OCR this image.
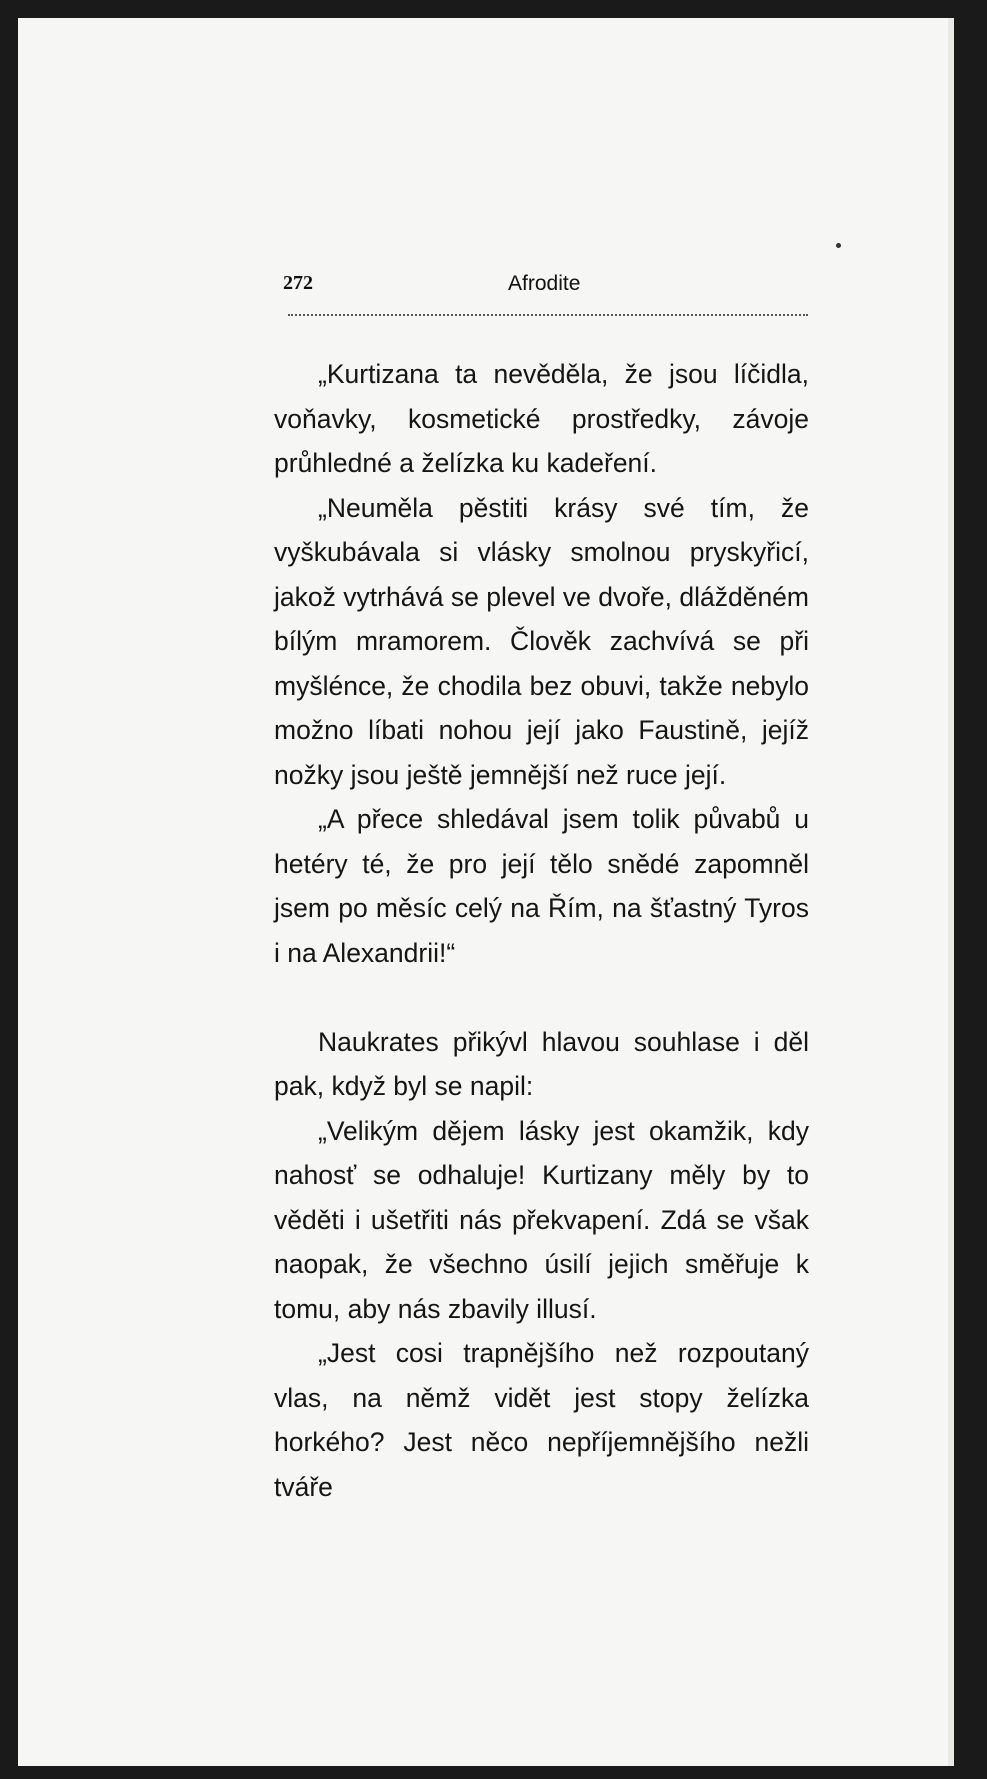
272	Afrodite

„Kurtizana ta nevěděla, že jsou líčidla, voňavky, kosmetické prostředky, závoje průhledné a želízka ku kadeření.

„Neuměla pěstiti krásy své tím, že vyškubávala si vlásky smolnou pryskyřicí, jakož vytrhává se plevel ve dvoře, dlážděném bílým mramorem. Člověk zachvívá se při myšlénce, že chodila bez obuvi, takže nebylo možno líbati nohou její jako Faustině, jejíž nožky jsou ještě jemnější než ruce její.

„A přece shledával jsem tolik půvabů u hetéry té, že pro její tělo snědé zapomněl jsem po měsíc celý na Řím, na šťastný Tyros i na Alexandrii!“

Naukrates přikývl hlavou souhlase i děl pak, když byl se napil:

„Velikým dějem lásky jest okamžik, kdy nahosť se odhaluje! Kurtizany měly by to věděti i ušetřiti nás překvapení. Zdá se však naopak, že všechno úsilí jejich směřuje k tomu, aby nás zbavily illusí.

„Jest cosi trapnějšího než rozpoutaný vlas, na němž vidět jest stopy želízka horkého? Jest něco nepříjemnějšího nežli tváře
